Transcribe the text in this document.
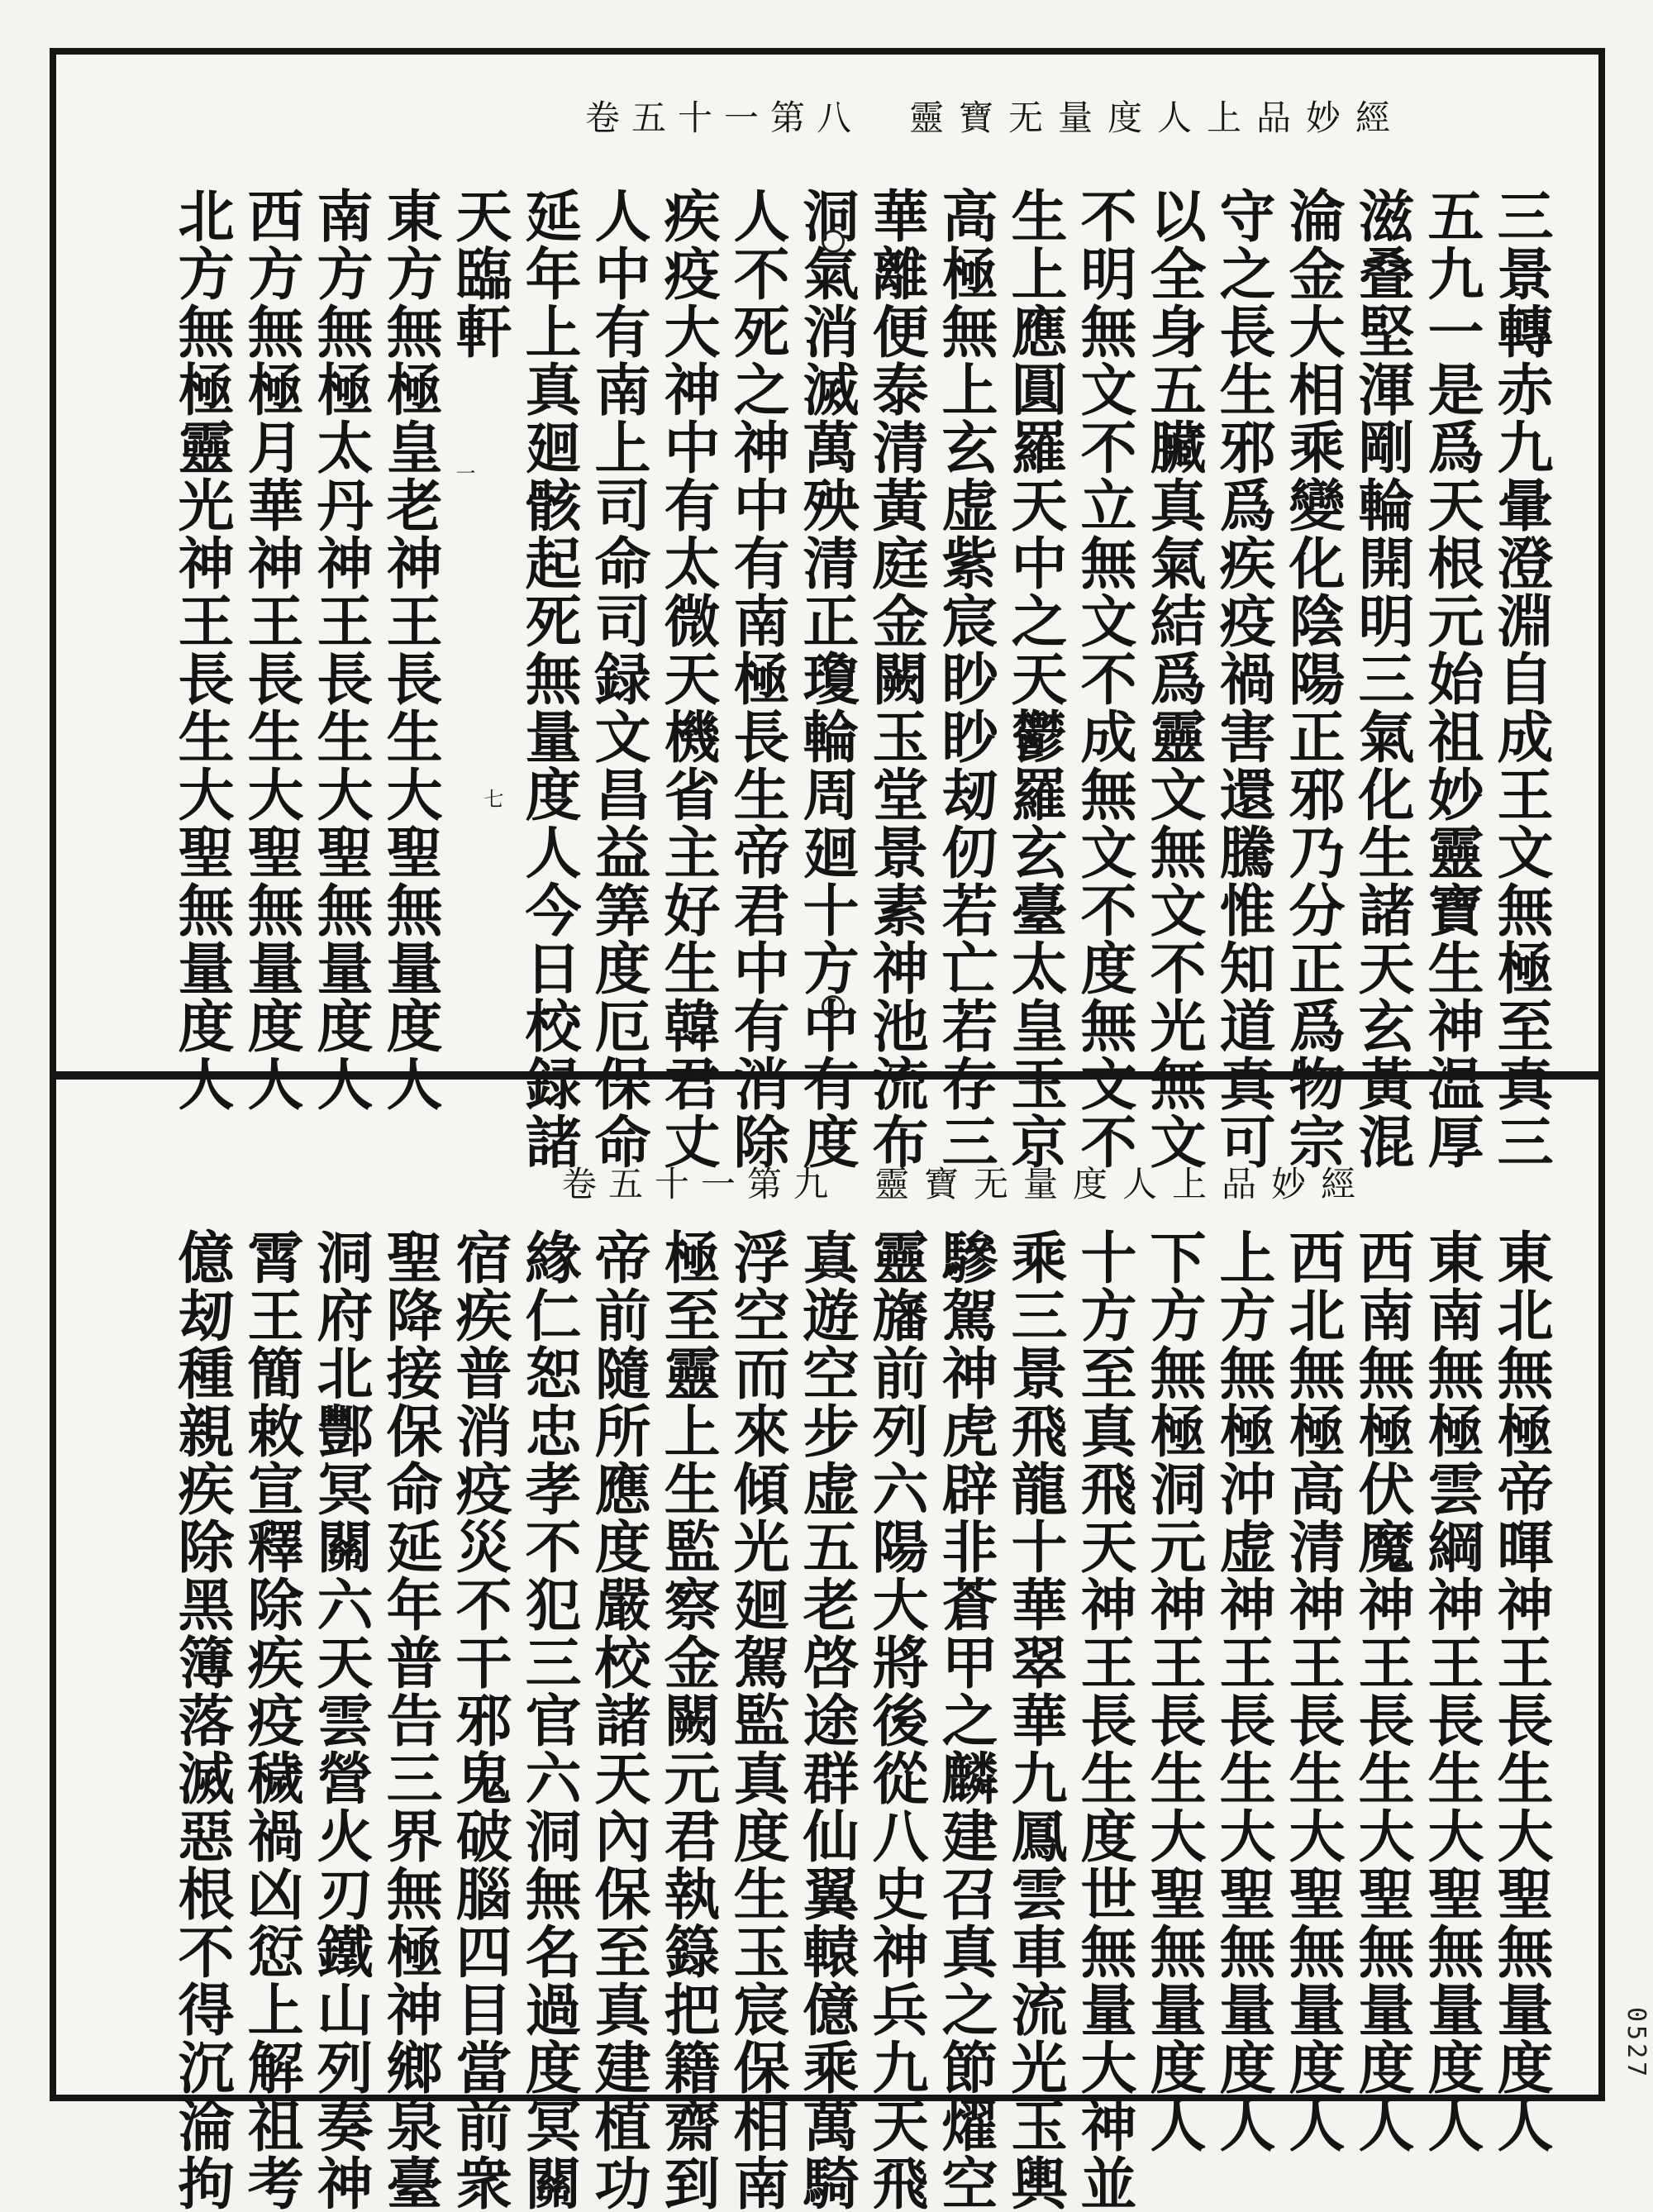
靈寶无量度人上品妙經
卷五十一第八
三景轉赤九暈澄淵自成王文無極至真三
五九一是爲天根元始祖妙靈寶生神温厚
滋叠堅渾剛輪開明三氣化生諸天玄黃混
淪金大相乘變化陰陽正邪乃分正爲物宗
守之長生邪爲疾疫禍害還騰惟知道真可
以全身五臟真氣結爲靈文無文不光無文
不明無文不立無文不成無文不度無文不
生上應圓羅天中之天鬱羅玄臺太皇玉京
高極無上玄虚紫宸眇眇刼仞若亡若存三
華離便泰清黃庭金闕玉堂景素神池流布
洞氣消滅萬殃清正瓊輪周廻十方中有度
人不死之神中有南極長生帝君中有消除
疾疫大神中有太微天機省主好生韓君丈
人中有南上司命司録文昌益筭度厄保命
延年上真廻骸起死無量度人今日校録諸
天臨軒
東方無極皇老神王長生大聖無量度人
南方無極太丹神王長生大聖無量度人
西方無極月華神王長生大聖無量度人
北方無極靈光神王長生大聖無量度人	一
七
靈寶无量度人上品妙經
卷五十一第九
東北無極帝暉神王長生大聖無量度人
東南無極雲綱神王長生大聖無量度人
西南無極伏魔神王長生大聖無量度人
西北無極高清神王長生大聖無量度人
上方無極沖虚神王長生大聖無量度人
下方無極洞元神王長生大聖無量度人
十方至真飛天神王長生度世無量大神並
乘三景飛龍十華翠華九鳳雲車流光玉輿
驂駕神虎辟非蒼甲之麟建召真之節燿空
靈旛前列六陽大將後從八史神兵九天飛
真遊空步虚五老啓途群仙翼轅億乘萬騎
浮空而來傾光廻駕監真度生玉宸保相南
極至靈上生監察金闕元君執籙把籍齋到
帝前隨所應度嚴校諸天內保至真建植功
緣仁恕忠孝不犯三官六洞無名過度冥關
宿疾普消疫災不干邪鬼破腦四目當前衆
聖降接保命延年普告三界無極神鄉泉臺
洞府北酆冥關六天雲營火刃鐵山列奏神
霄王簡敕宣釋除疾疫穢禍凶愆上解祖考
億刼種親疾除黑簿落滅惡根不得沉淪拘	0527
